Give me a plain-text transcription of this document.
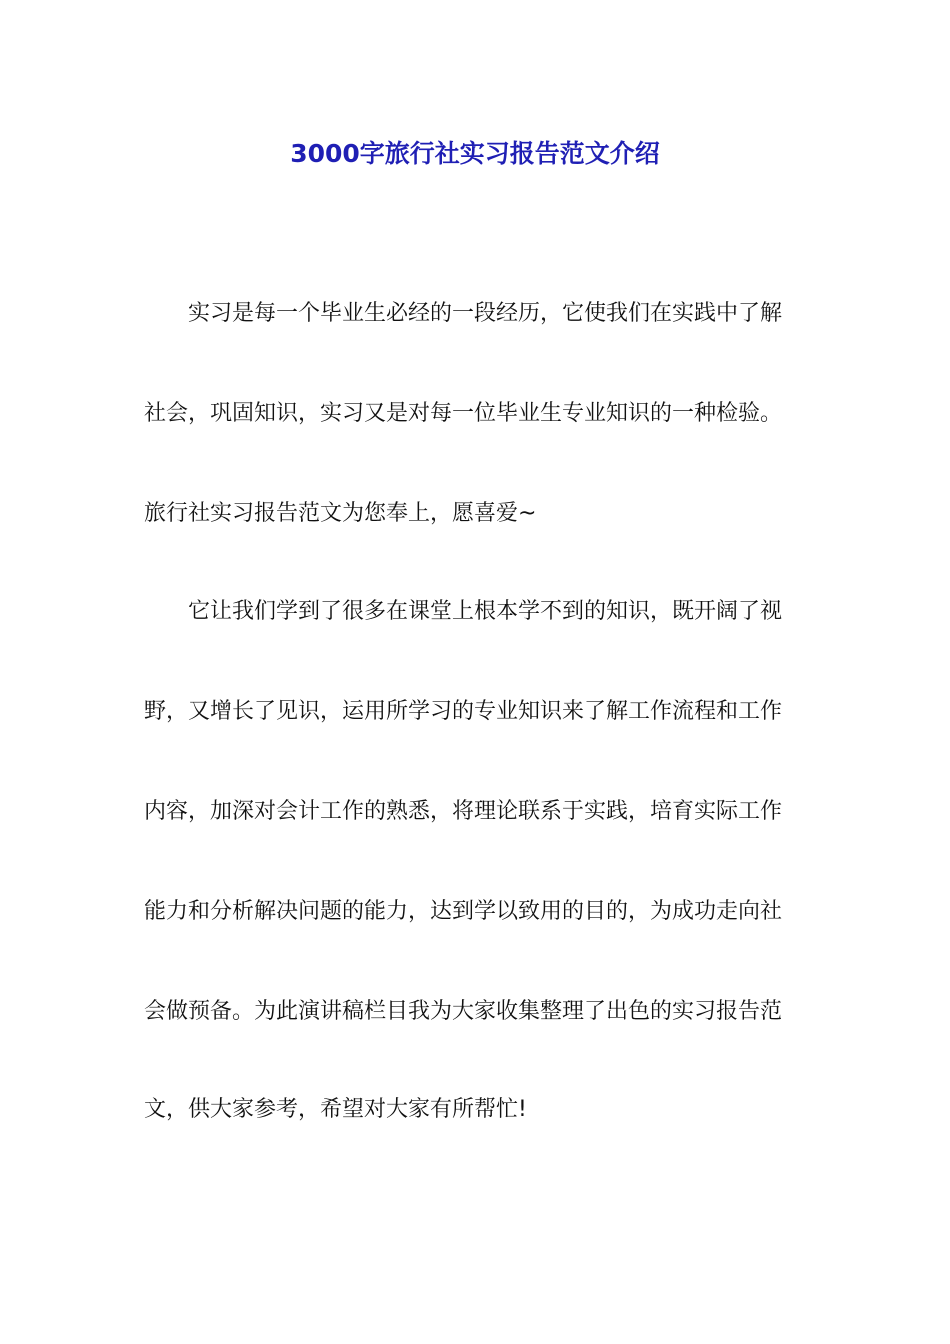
3000字旅行社实习报告范文介绍
实习是每一个毕业生必经的一段经历，它使我们在实践中了解
社会，巩固知识，实习又是对每一位毕业生专业知识的一种检验。
旅行社实习报告范文为您奉上，愿喜爱~
它让我们学到了很多在课堂上根本学不到的知识，既开阔了视
野，又增长了见识，运用所学习的专业知识来了解工作流程和工作
内容，加深对会计工作的熟悉，将理论联系于实践，培育实际工作
能力和分析解决问题的能力，达到学以致用的目的，为成功走向社
会做预备。为此演讲稿栏目我为大家收集整理了出色的实习报告范
文，供大家参考，希望对大家有所帮忙!
